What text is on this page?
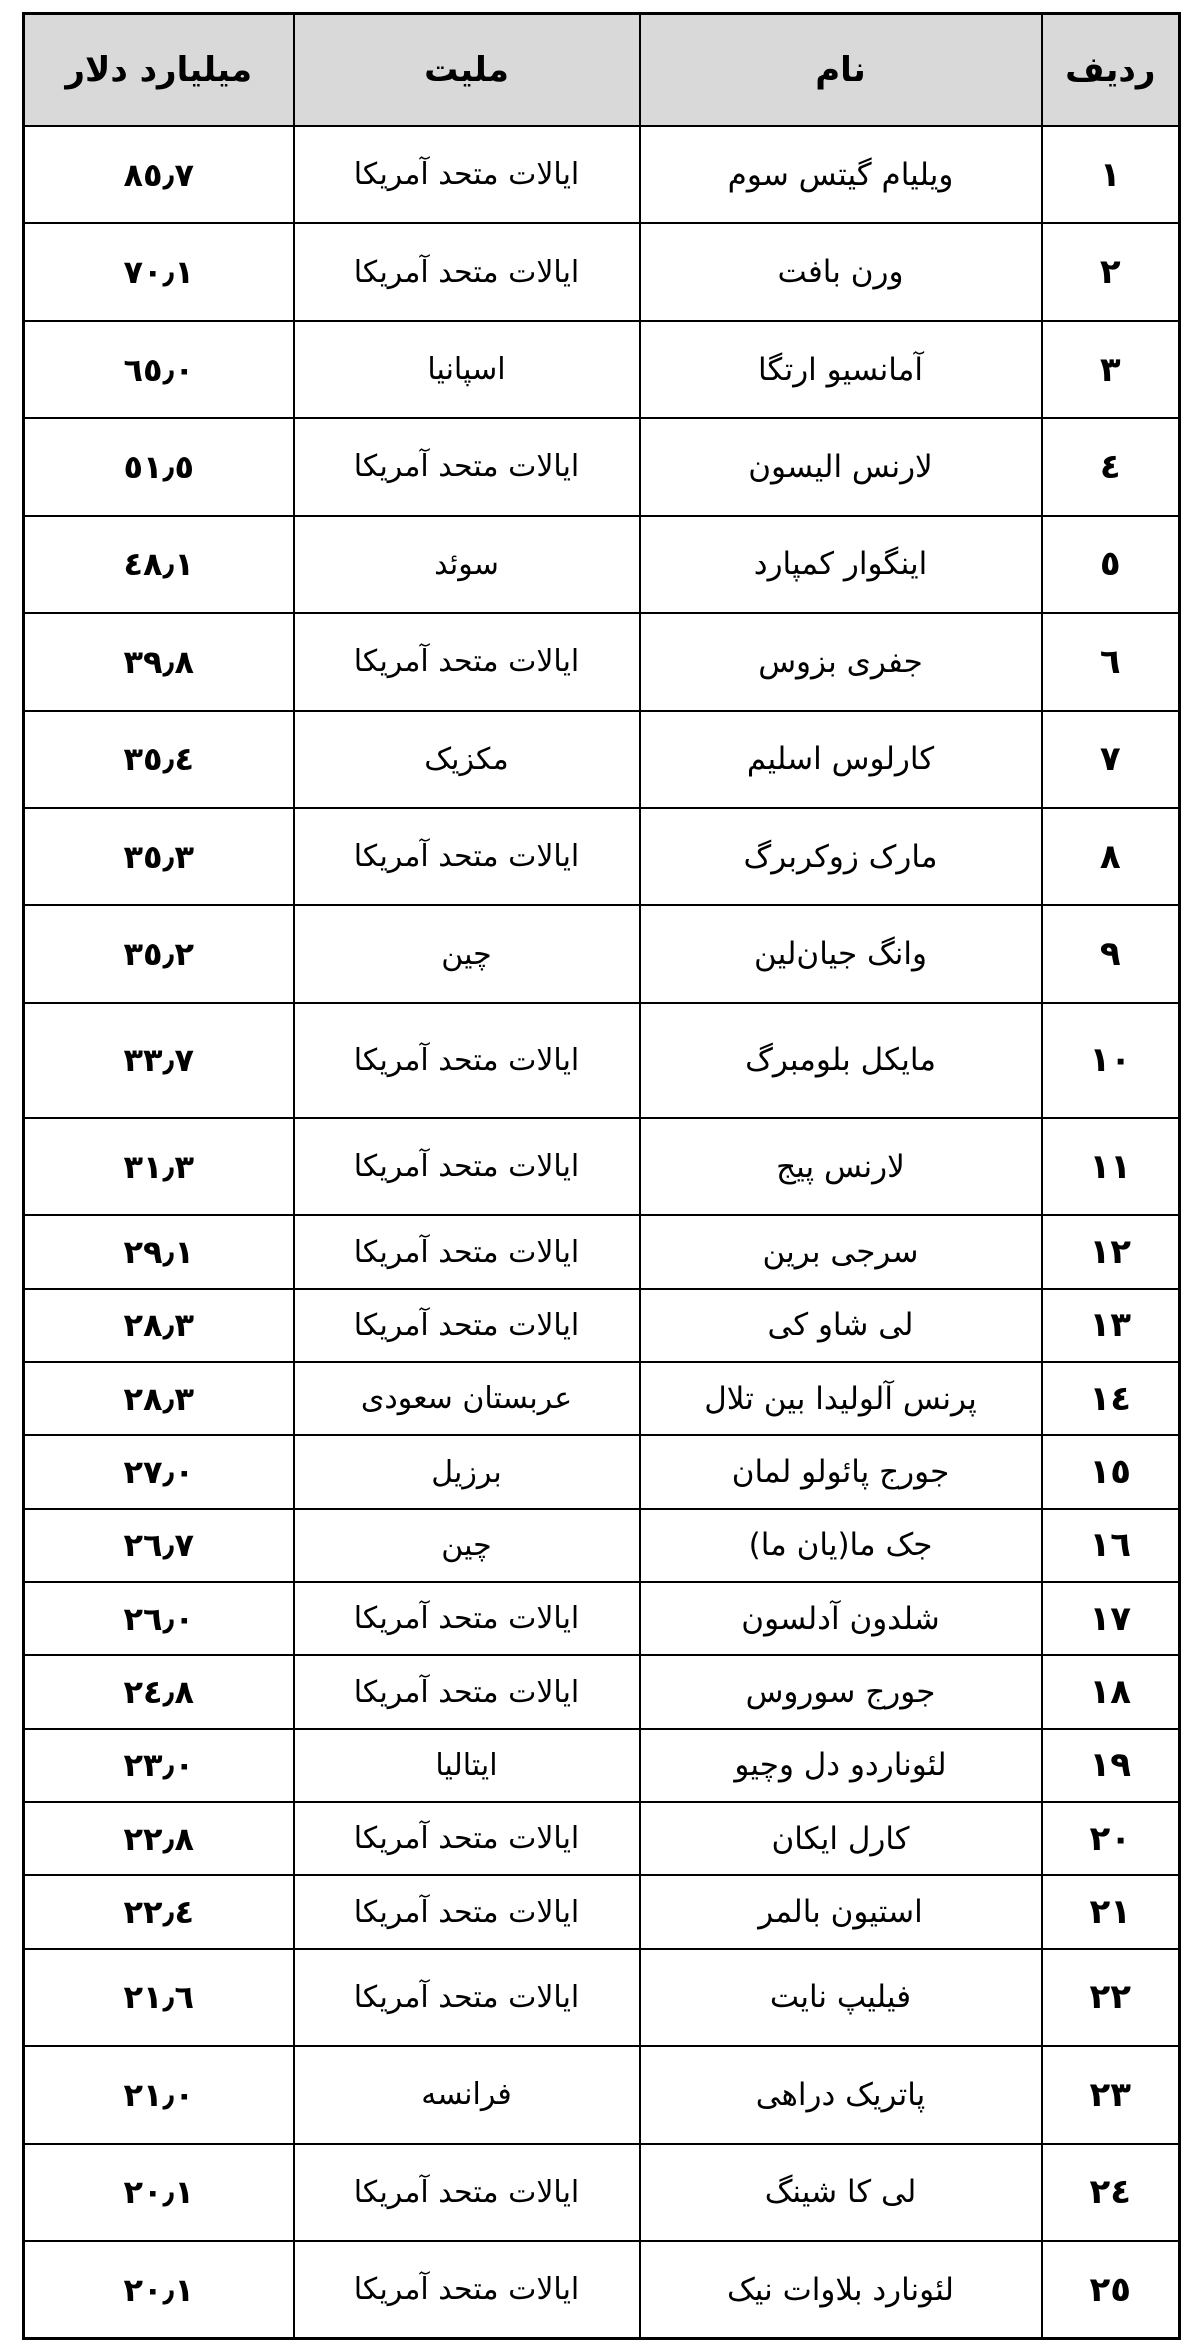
ردیف	نام	ملیت	میلیارد دلار
١	ویلیام گیتس سوم	ایالات متحد آمریکا	٨٥٫٧
٢	ورن بافت	ایالات متحد آمریکا	٧٠٫١
٣	آمانسیو ارتگا	اسپانیا	٦٥٫٠
٤	لارنس الیسون	ایالات متحد آمریکا	٥١٫٥
٥	اینگوار کمپارد	سوئد	٤٨٫١
٦	جفری بزوس	ایالات متحد آمریکا	٣٩٫٨
٧	کارلوس اسلیم	مکزیک	٣٥٫٤
٨	مارک زوکربرگ	ایالات متحد آمریکا	٣٥٫٣
٩	وانگ جیان‌لین	چین	٣٥٫٢
١٠	مایکل بلومبرگ	ایالات متحد آمریکا	٣٣٫٧
١١	لارنس پیج	ایالات متحد آمریکا	٣١٫٣
١٢	سرجی برین	ایالات متحد آمریکا	٢٩٫١
١٣	لی شاو کی	ایالات متحد آمریکا	٢٨٫٣
١٤	پرنس آلولیدا بین تلال	عربستان سعودی	٢٨٫٣
١٥	جورج پائولو لمان	برزیل	٢٧٫٠
١٦	جک ما(یان ما)	چین	٢٦٫٧
١٧	شلدون آدلسون	ایالات متحد آمریکا	٢٦٫٠
١٨	جورج سوروس	ایالات متحد آمریکا	٢٤٫٨
١٩	لئوناردو دل وچیو	ایتالیا	٢٣٫٠
٢٠	کارل ایکان	ایالات متحد آمریکا	٢٢٫٨
٢١	استیون بالمر	ایالات متحد آمریکا	٢٢٫٤
٢٢	فیلیپ نایت	ایالات متحد آمریکا	٢١٫٦
٢٣	پاتریک دراهی	فرانسه	٢١٫٠
٢٤	لی کا شینگ	ایالات متحد آمریکا	٢٠٫١
٢٥	لئونارد بلاوات نیک	ایالات متحد آمریکا	٢٠٫١
